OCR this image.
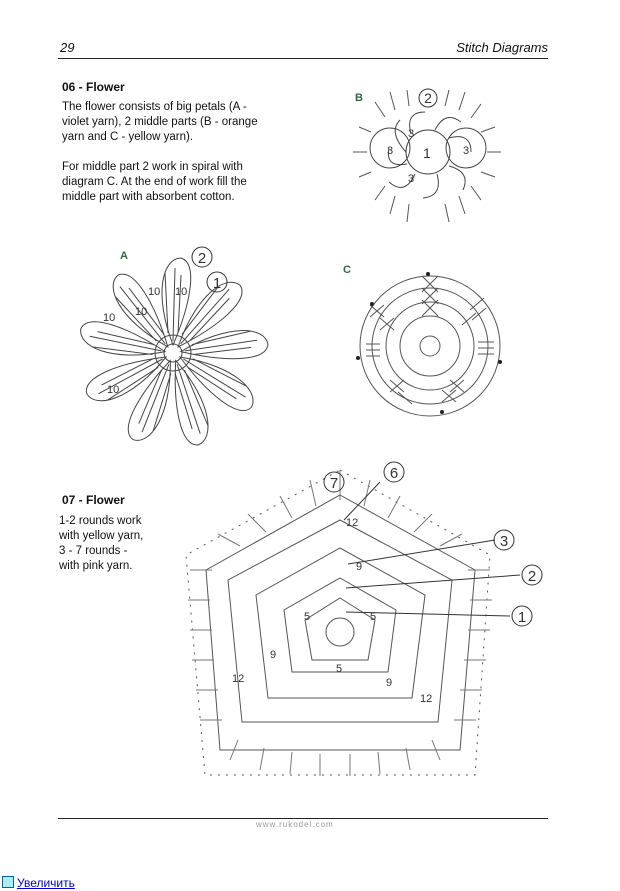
29	Stitch Diagrams
06 - Flower
The flower consists of big petals (A -
violet yarn), 2 middle parts (B - orange
yarn and C - yellow yarn).
For middle part 2 work in spiral with
diagram C. At the end of work fill the
middle part with absorbent cotton.
B	2
1
3
3
3
3
A	2
1
10 10
10
10
10
C
07 - Flower
1-2 rounds work
with yellow yarn,
3 - 7 rounds -
with pink yarn.
7
6
3
2
1
5	5
5
9
9
9
12
12
12
www.rukodel.com
Увеличить
